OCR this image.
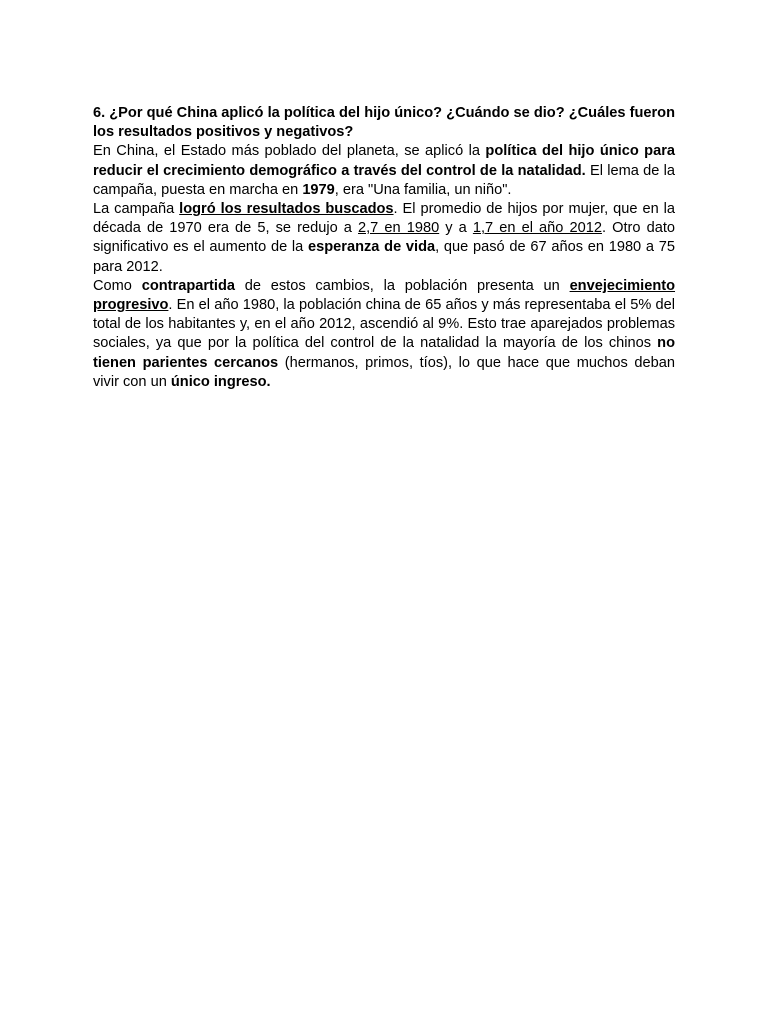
6. ¿Por qué China aplicó la política del hijo único? ¿Cuándo se dio? ¿Cuáles fueron los resultados positivos y negativos?

En China, el Estado más poblado del planeta, se aplicó la política del hijo único para reducir el crecimiento demográfico a través del control de la natalidad. El lema de la campaña, puesta en marcha en 1979, era "Una familia, un niño".

La campaña logró los resultados buscados. El promedio de hijos por mujer, que en la década de 1970 era de 5, se redujo a 2,7 en 1980 y a 1,7 en el año 2012. Otro dato significativo es el aumento de la esperanza de vida, que pasó de 67 años en 1980 a 75 para 2012.

Como contrapartida de estos cambios, la población presenta un envejecimiento progresivo. En el año 1980, la población china de 65 años y más representaba el 5% del total de los habitantes y, en el año 2012, ascendió al 9%. Esto trae aparejados problemas sociales, ya que por la política del control de la natalidad la mayoría de los chinos no tienen parientes cercanos (hermanos, primos, tíos), lo que hace que muchos deban vivir con un único ingreso.
